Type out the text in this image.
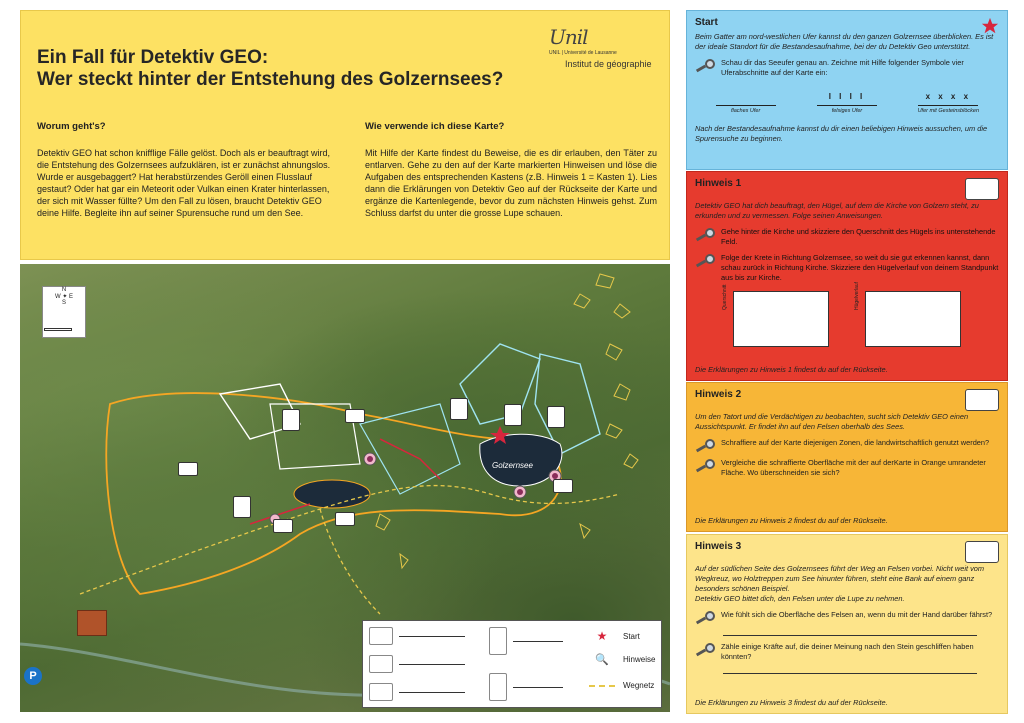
Ein Fall für Detektiv GEO:
Wer steckt hinter der Entstehung des Golzernsees?
Unil
UNIL | Université de Lausanne
Institut de géographie
Worum geht's?

Detektiv GEO hat schon knifflige Fälle gelöst. Doch als er beauftragt wird, die Entstehung des Golzernsees aufzuklären, ist er zunächst ahnungslos. Wurde er ausgebaggert? Hat herabstürzendes Geröll einen Flusslauf gestaut? Oder hat gar ein Meteorit oder Vulkan einen Krater hinterlassen, der sich mit Wasser füllte? Um den Fall zu lösen, braucht Detektiv GEO deine Hilfe. Begleite ihn auf seiner Spurensuche rund um den See.

Wie verwende ich diese Karte?

Mit Hilfe der Karte findest du Beweise, die es dir erlauben, den Täter zu entlarven. Gehe zu den auf der Karte markierten Hinweisen und löse die Aufgaben des entsprechenden Kastens (z.B. Hinweis 1 = Kasten 1). Lies dann die Erklärungen von Detektiv Geo auf der Rückseite der Karte und ergänze die Kartenlegende, bevor du zum nächsten Hinweis gehst. Zum Schluss darfst du unter die grosse Lupe schauen.

N
W ✦ E
S
0 250 m
Golzernsee
P
★	Start
🔍	Hinweise
Wegnetz
Start
Beim Gatter am nord-westlichen Ufer kannst du den ganzen Golzernsee überblicken. Es ist der ideale Standort für die Bestandesaufnahme, bei der du Detektiv Geo unterstützt.
Schau dir das Seeufer genau an. Zeichne mit Hilfe folgender Symbole vier Uferabschnitte auf der Karte ein:
flaches Ufer
I I I I
felsiges Ufer
x x x x
Ufer mit Gesteinsblöcken
Nach der Bestandesaufnahme kannst du dir einen beliebigen Hinweis aussuchen, um die Spurensuche zu beginnen.
Hinweis 1
Detektiv GEO hat dich beauftragt, den Hügel, auf dem die Kirche von Golzern steht, zu erkunden und zu vermessen. Folge seinen Anweisungen.
Gehe hinter die Kirche und skizziere den Querschnitt des Hügels ins untenstehende Feld.
Folge der Krete in Richtung Golzernsee, so weit du sie gut erkennen kannst, dann schau zurück in Richtung Kirche. Skizziere den Hügelverlauf von deinem Standpunkt aus bis zur Kirche.
Querschnitt	Hügelverlauf
Die Erklärungen zu Hinweis 1 findest du auf der Rückseite.
Hinweis 2
Um den Tatort und die Verdächtigen zu beobachten, sucht sich Detektiv GEO einen Aussichtspunkt. Er findet ihn auf den Felsen oberhalb des Sees.
Schraffiere auf der Karte diejenigen Zonen, die landwirtschaftlich genutzt werden?
Vergleiche die schraffierte Oberfläche mit der auf derKarte in Orange umrandeter Fläche. Wo überschneiden sie sich?
Die Erklärungen zu Hinweis 2 findest du auf der Rückseite.
Hinweis 3
Auf der südlichen Seite des Golzernsees führt der Weg an Felsen vorbei. Nicht weit vom Wegkreuz, wo Holztreppen zum See hinunter führen, steht eine Bank auf einem ganz besonders schönen Beispiel.
Detektiv GEO bittet dich, den Felsen unter die Lupe zu nehmen.
Wie fühlt sich die Oberfläche des Felsen an, wenn du mit der Hand darüber fährst?
Zähle einige Kräfte auf, die deiner Meinung nach den Stein geschliffen haben könnten?
Die Erklärungen zu Hinweis 3 findest du auf der Rückseite.
